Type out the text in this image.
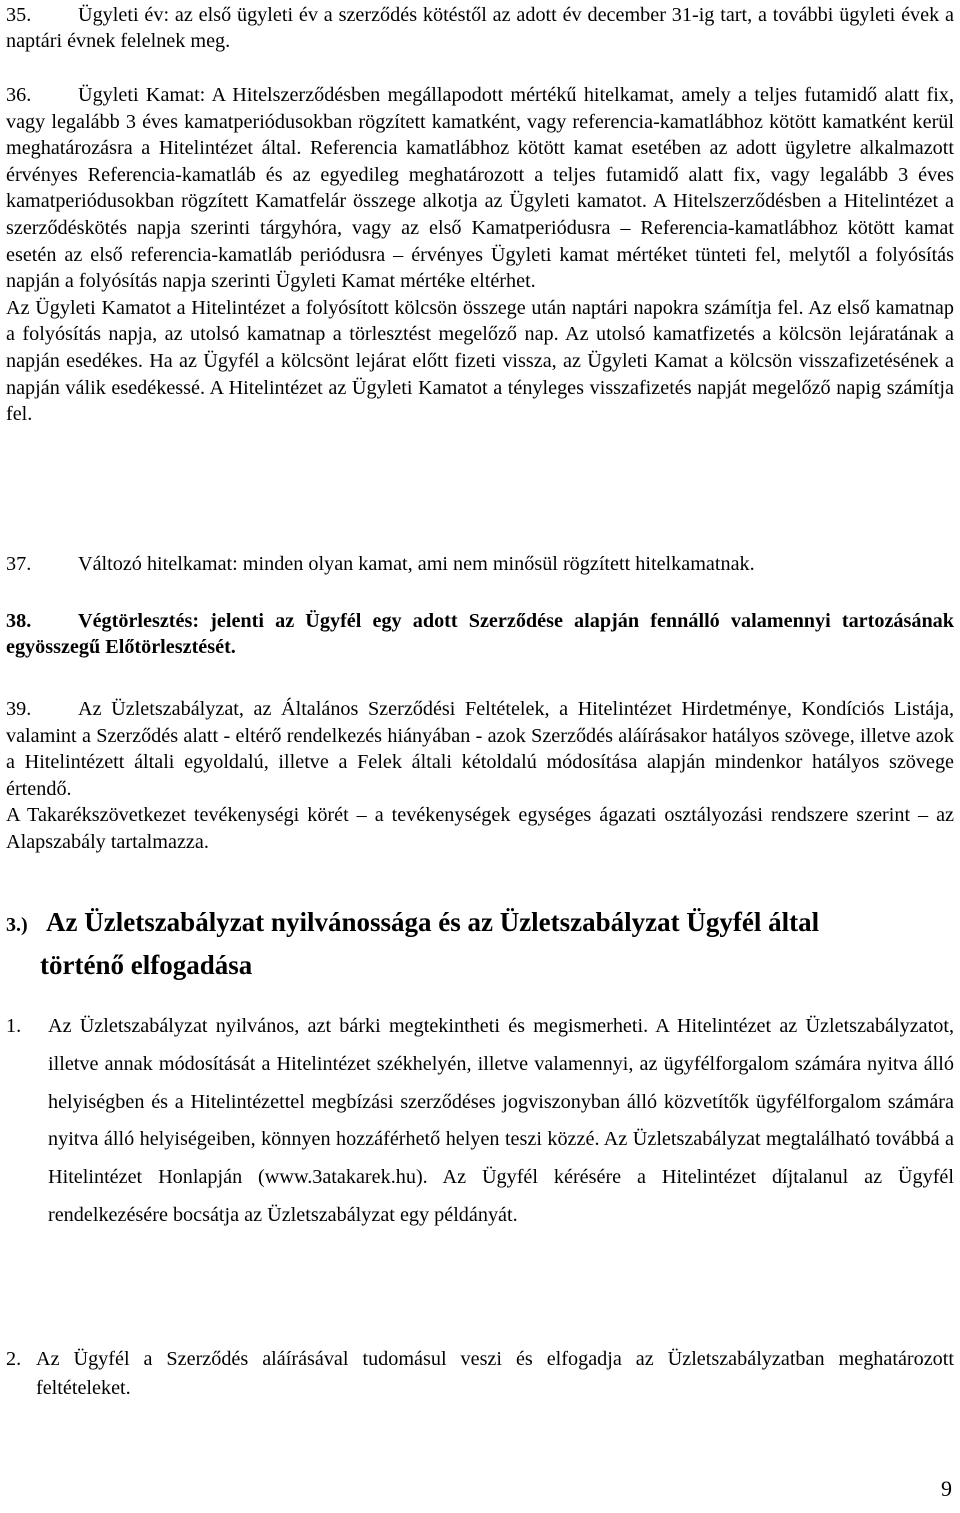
35. Ügyleti év: az első ügyleti év a szerződés kötéstől az adott év december 31-ig tart, a további ügyleti évek a naptári évnek felelnek meg.

36. Ügyleti Kamat: A Hitelszerződésben megállapodott mértékű hitelkamat, amely a teljes futamidő alatt fix, vagy legalább 3 éves kamatperiódusokban rögzített kamatként, vagy referencia-kamatlábhoz kötött kamatként kerül meghatározásra a Hitelintézet által. Referencia kamatlábhoz kötött kamat esetében az adott ügyletre alkalmazott érvényes Referencia-kamatláb és az egyedileg meghatározott a teljes futamidő alatt fix, vagy legalább 3 éves kamatperiódusokban rögzített Kamatfelár összege alkotja az Ügyleti kamatot. A Hitelszerződésben a Hitelintézet a szerződéskötés napja szerinti tárgyhóra, vagy az első Kamatperiódusra – Referencia-kamatlábhoz kötött kamat esetén az első referencia-kamatláb periódusra – érvényes Ügyleti kamat mértéket tünteti fel, melytől a folyósítás napján a folyósítás napja szerinti Ügyleti Kamat mértéke eltérhet.

Az Ügyleti Kamatot a Hitelintézet a folyósított kölcsön összege után naptári napokra számítja fel. Az első kamatnap a folyósítás napja, az utolsó kamatnap a törlesztést megelőző nap. Az utolsó kamatfizetés a kölcsön lejáratának a napján esedékes. Ha az Ügyfél a kölcsönt lejárat előtt fizeti vissza, az Ügyleti Kamat a kölcsön visszafizetésének a napján válik esedékessé. A Hitelintézet az Ügyleti Kamatot a tényleges visszafizetés napját megelőző napig számítja fel.

37. Változó hitelkamat: minden olyan kamat, ami nem minősül rögzített hitelkamatnak.

38. Végtörlesztés: jelenti az Ügyfél egy adott Szerződése alapján fennálló valamennyi tartozásának egyösszegű Előtörlesztését.

39. Az Üzletszabályzat, az Általános Szerződési Feltételek, a Hitelintézet Hirdetménye, Kondíciós Listája, valamint a Szerződés alatt - eltérő rendelkezés hiányában - azok Szerződés aláírásakor hatályos szövege, illetve azok a Hitelintézett általi egyoldalú, illetve a Felek általi kétoldalú módosítása alapján mindenkor hatályos szövege értendő.

A Takarékszövetkezet tevékenységi körét – a tevékenységek egységes ágazati osztályozási rendszere szerint – az Alapszabály tartalmazza.

3.) Az Üzletszabályzat nyilvánossága és az Üzletszabályzat Ügyfél által
történő elfogadása

1. Az Üzletszabályzat nyilvános, azt bárki megtekintheti és megismerheti. A Hitelintézet az Üzletszabályzatot, illetve annak módosítását a Hitelintézet székhelyén, illetve valamennyi, az ügyfélforgalom számára nyitva álló helyiségben és a Hitelintézettel megbízási szerződéses jogviszonyban álló közvetítők ügyfélforgalom számára nyitva álló helyiségeiben, könnyen hozzáférhető helyen teszi közzé. Az Üzletszabályzat megtalálható továbbá a Hitelintézet Honlapján (www.3atakarek.hu). Az Ügyfél kérésére a Hitelintézet díjtalanul az Ügyfél rendelkezésére bocsátja az Üzletszabályzat egy példányát.

2. Az Ügyfél a Szerződés aláírásával tudomásul veszi és elfogadja az Üzletszabályzatban meghatározott feltételeket.

9
